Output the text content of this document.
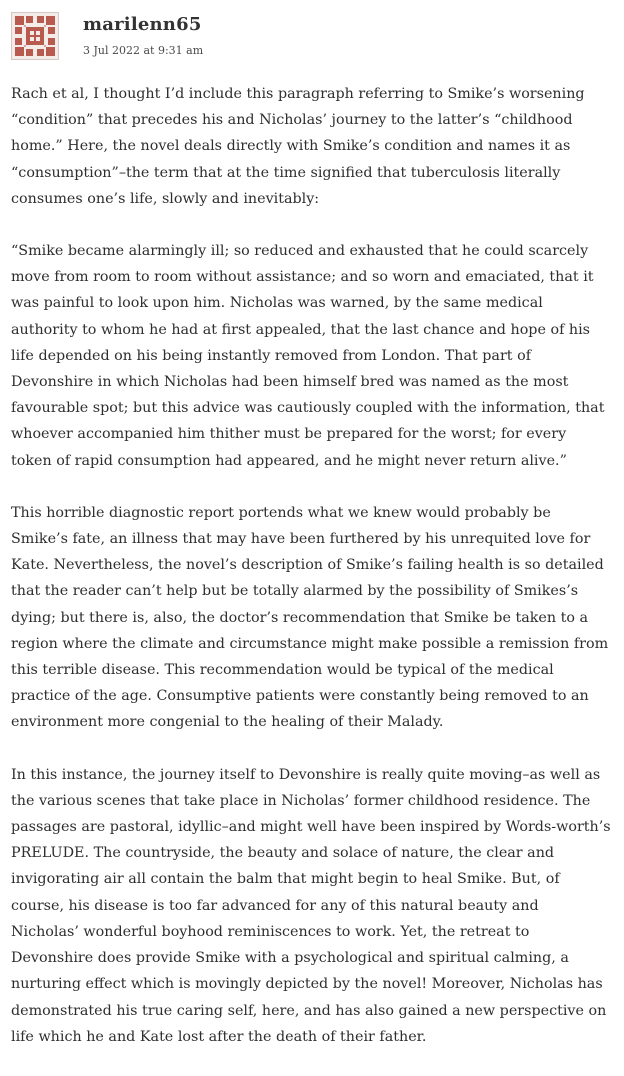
marilenn65
3 Jul 2022 at 9:31 am

Rach et al, I thought I’d include this paragraph referring to Smike’s worsening “condition” that precedes his and Nicholas’ journey to the latter’s “childhood home.” Here, the novel deals directly with Smike’s condition and names it as “consumption”–the term that at the time signified that tuberculosis literally consumes one’s life, slowly and inevitably:

“Smike became alarmingly ill; so reduced and exhausted that he could scarcely move from room to room without assistance; and so worn and emaciated, that it was painful to look upon him. Nicholas was warned, by the same medical authority to whom he had at first appealed, that the last chance and hope of his life depended on his being instantly removed from London. That part of Devonshire in which Nicholas had been himself bred was named as the most favourable spot; but this advice was cautiously coupled with the information, that whoever accompanied him thither must be prepared for the worst; for every token of rapid consumption had appeared, and he might never return alive.”

This horrible diagnostic report portends what we knew would probably be Smike’s fate, an illness that may have been furthered by his unrequited love for Kate. Nevertheless, the novel’s description of Smike’s failing health is so detailed that the reader can’t help but be totally alarmed by the possibility of Smikes’s dying; but there is, also, the doctor’s recommendation that Smike be taken to a region where the climate and circumstance might make possible a remission from this terrible disease. This recommendation would be typical of the medical practice of the age. Consumptive patients were constantly being removed to an environment more congenial to the healing of their Malady.

In this instance, the journey itself to Devonshire is really quite moving–as well as the various scenes that take place in Nicholas’ former childhood residence. The passages are pastoral, idyllic–and might well have been inspired by Words-worth’s PRELUDE. The countryside, the beauty and solace of nature, the clear and invigorating air all contain the balm that might begin to heal Smike. But, of course, his disease is too far advanced for any of this natural beauty and Nicholas’ wonderful boyhood reminiscences to work. Yet, the retreat to Devonshire does provide Smike with a psychological and spiritual calming, a nurturing effect which is movingly depicted by the novel! Moreover, Nicholas has demonstrated his true caring self, here, and has also gained a new perspective on life which he and Kate lost after the death of their father.
